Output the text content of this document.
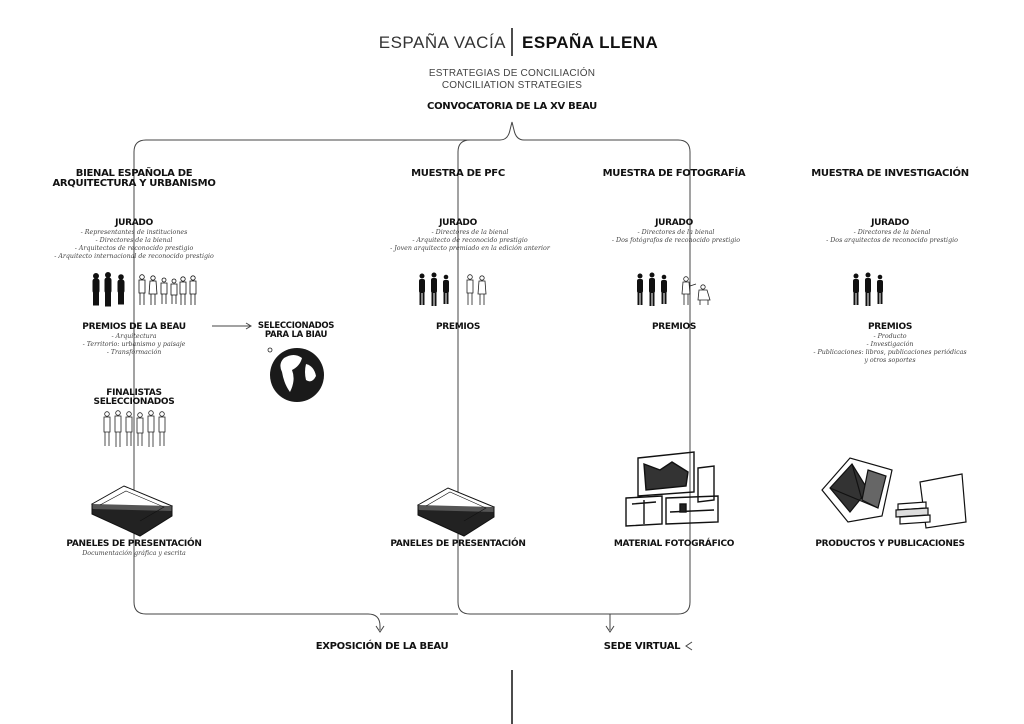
ESPAÑA VACÍA ESPAÑA LLENA
ESTRATEGIAS DE CONCILIACIÓN
CONCILIATION STRATEGIES
CONVOCATORIA DE LA XV BEAU
BIENAL ESPAÑOLA DE
ARQUITECTURA Y URBANISMO
JURADO
- Representantes de instituciones
- Directores de la bienal
- Arquitectos de reconocido prestigio
- Arquitecto internacional de reconocido prestigio
PREMIOS DE LA BEAU
- Arquitectura
- Territorio: urbanismo y paisaje
- Transformación
SELECCIONADOS
PARA LA BIAU
FINALISTAS
SELECCIONADOS
PANELES DE PRESENTACIÓN
Documentación gráfica y escrita
MUESTRA DE PFC
JURADO
- Directores de la bienal
- Arquitecto de reconocido prestigio
- Joven arquitecto premiado en la edición anterior
PREMIOS
PANELES DE PRESENTACIÓN
MUESTRA DE FOTOGRAFÍA
JURADO
- Directores de la bienal
- Dos fotógrafos de reconocido prestigio
PREMIOS
MATERIAL FOTOGRÁFICO
MUESTRA DE INVESTIGACIÓN
JURADO
- Directores de la bienal
- Dos arquitectos de reconocido prestigio
PREMIOS
- Producto
- Investigación
- Publicaciones: libros, publicaciones periódicas
y otros soportes
PRODUCTOS Y PUBLICACIONES
EXPOSICIÓN DE LA BEAU	SEDE VIRTUAL
